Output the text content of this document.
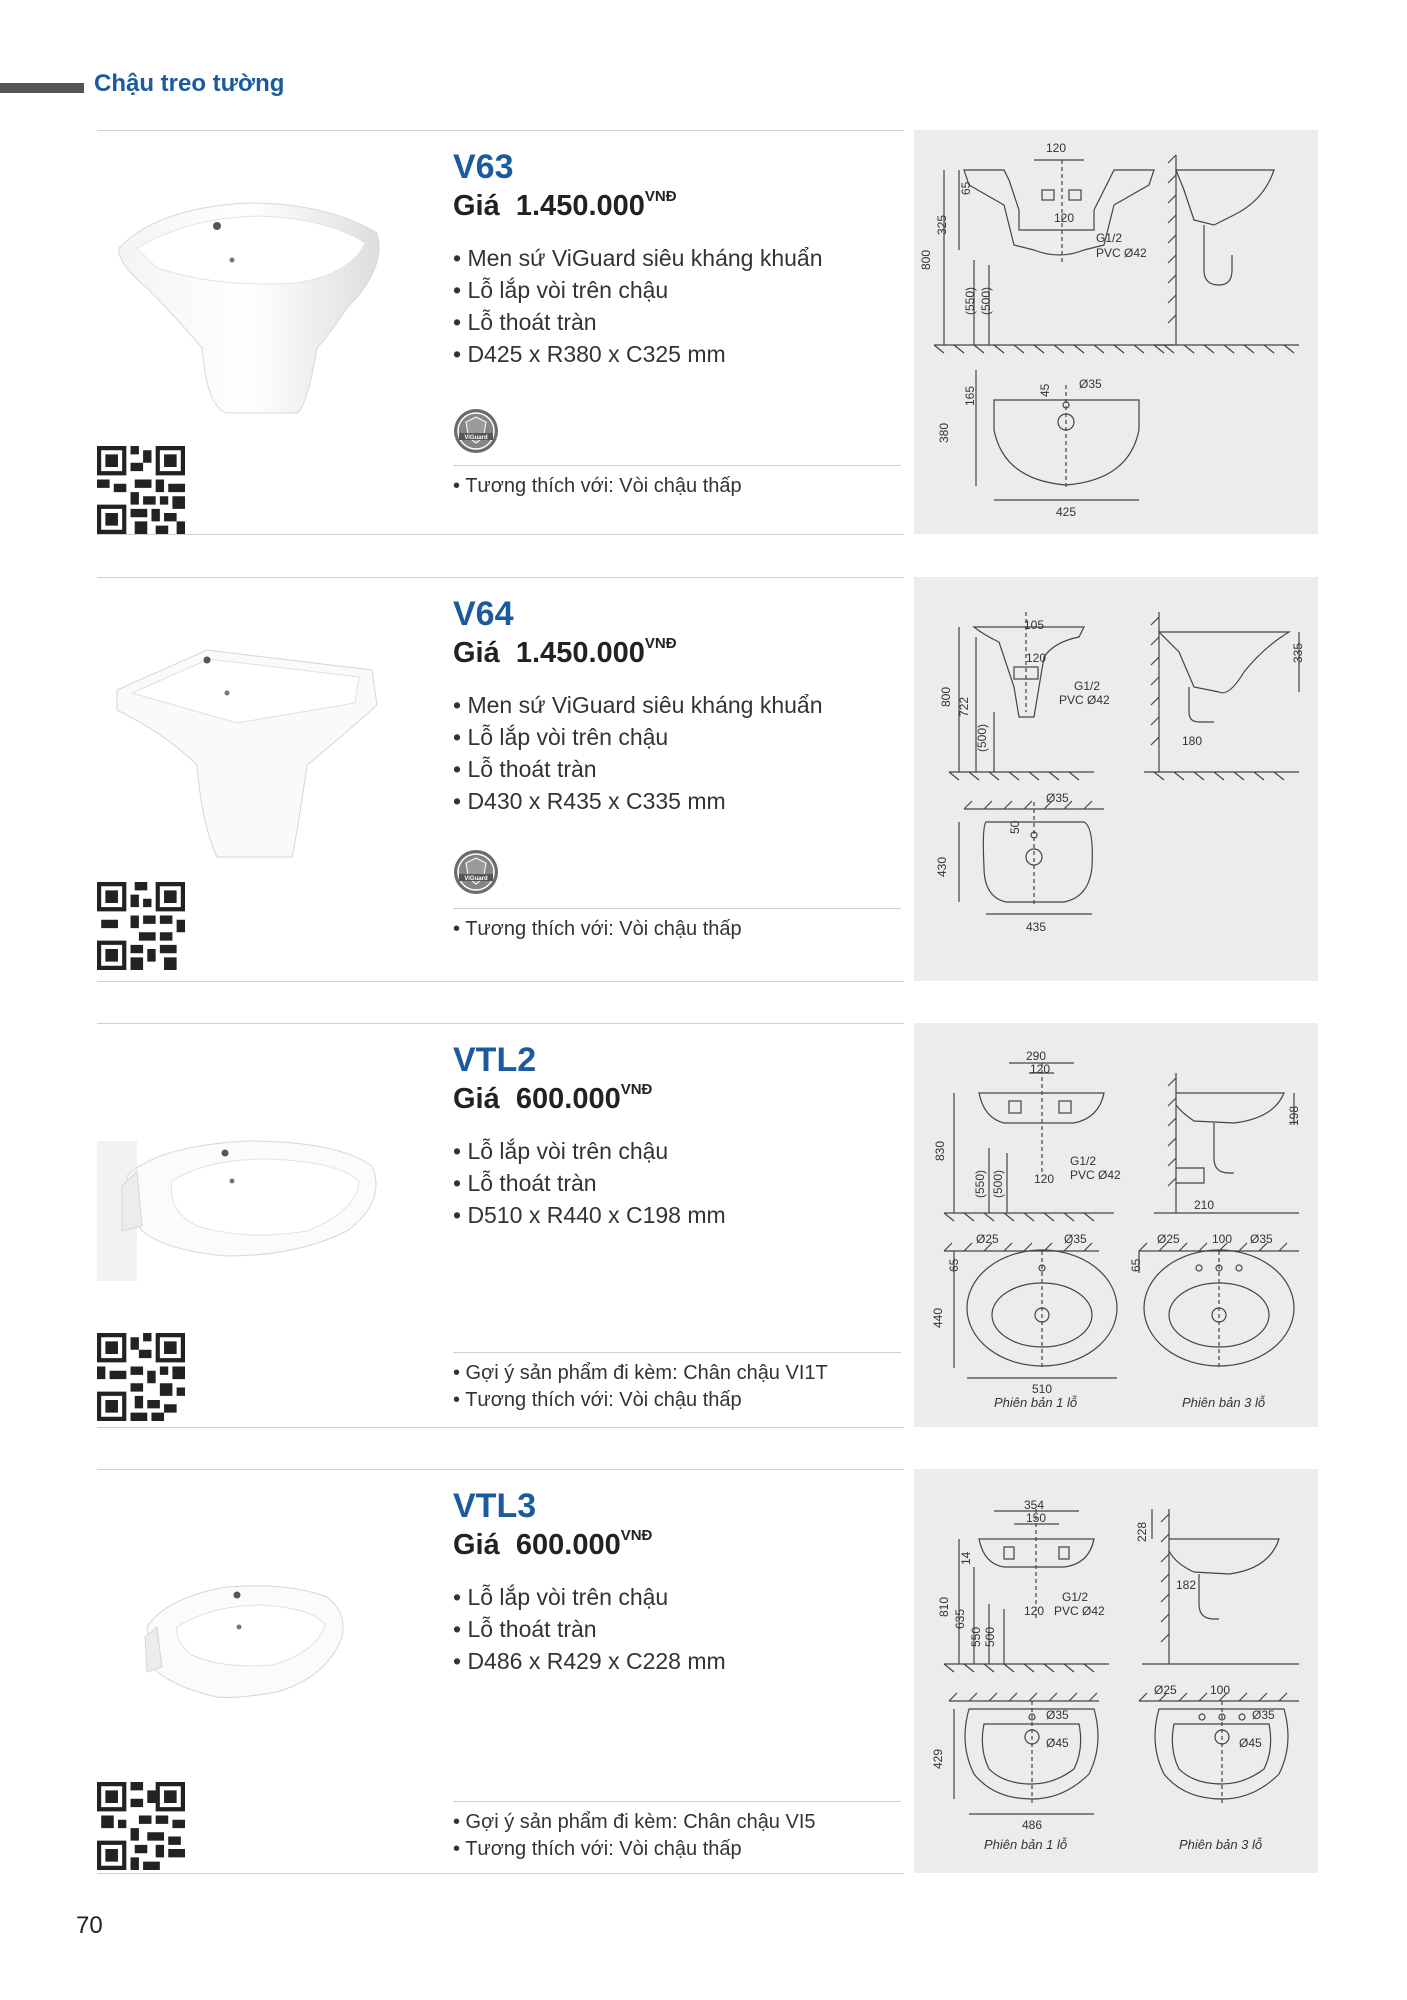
Chậu treo tường
V63
Giá $1.450.000^{VNĐ}$
• Men sứ ViGuard siêu kháng khuẩn
• Lỗ lắp vòi trên chậu
• Lỗ thoát tràn
• D425 x R380 x C325 mm
ViGuard
• Tương thích với: Vòi chậu thấp
120
65
325
800
120
(550) (500)
G1/2
PVC Ø42
45 Ø35
165
380
425
V64
Giá $1.450.000^{VNĐ}$
• Men sứ ViGuard siêu kháng khuẩn
• Lỗ lắp vòi trên chậu
• Lỗ thoát tràn
• D430 x R435 x C335 mm
ViGuard
• Tương thích với: Vòi chậu thấp
105
120
800 722
(500)
G1/2
PVC Ø42
335
180
Ø35
50
430
435
VTL2
Giá $600.000^{VNĐ}$
• Lỗ lắp vòi trên chậu
• Lỗ thoát tràn
• D510 x R440 x C198 mm
• Gợi ý sản phẩm đi kèm: Chân chậu VI1T
• Tương thích với: Vòi chậu thấp
290
120
830
(550) (500)
G1/2
PVC Ø42
120
198
210
Ø25	Ø35
65
440
510
Phiên bản 1 lỗ
Ø25	100 Ø35
65
Phiên bản 3 lỗ
VTL3
Giá $600.000^{VNĐ}$
• Lỗ lắp vòi trên chậu
• Lỗ thoát tràn
• D486 x R429 x C228 mm
• Gợi ý sản phẩm đi kèm: Chân chậu VI5
• Tương thích với: Vòi chậu thấp
354
150
14
810
635
550 500
G1/2
PVC Ø42
120
228
182
Ø35
Ø45
429
486
Phiên bản 1 lỗ
Ø25	100
Ø35
Ø45
Phiên bản 3 lỗ
70
